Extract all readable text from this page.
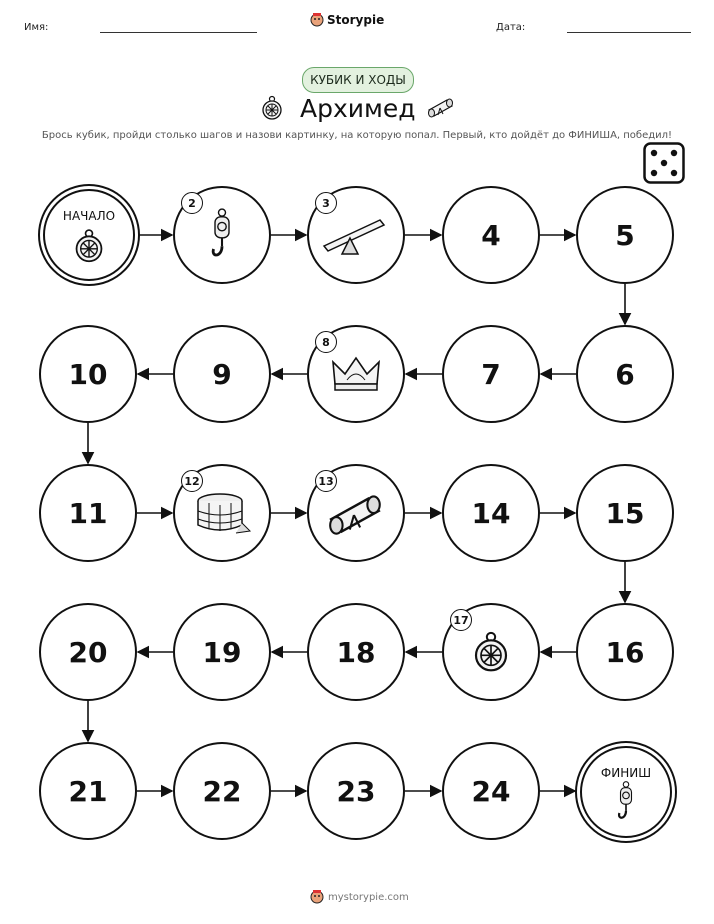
Имя:
Storypie
Дата:
КУБИК И ХОДЫ
Архимед
Брось кубик, пройди столько шагов и назови картинку, на которую попал. Первый, кто дойдёт до ФИНИША, победил!
НАЧАЛО
ФИНИШ
2	3
4	5
6
7
8
9
10
11
12	13
14	15
16
17
18
19
20
21	22	23	24
mystorypie.com
